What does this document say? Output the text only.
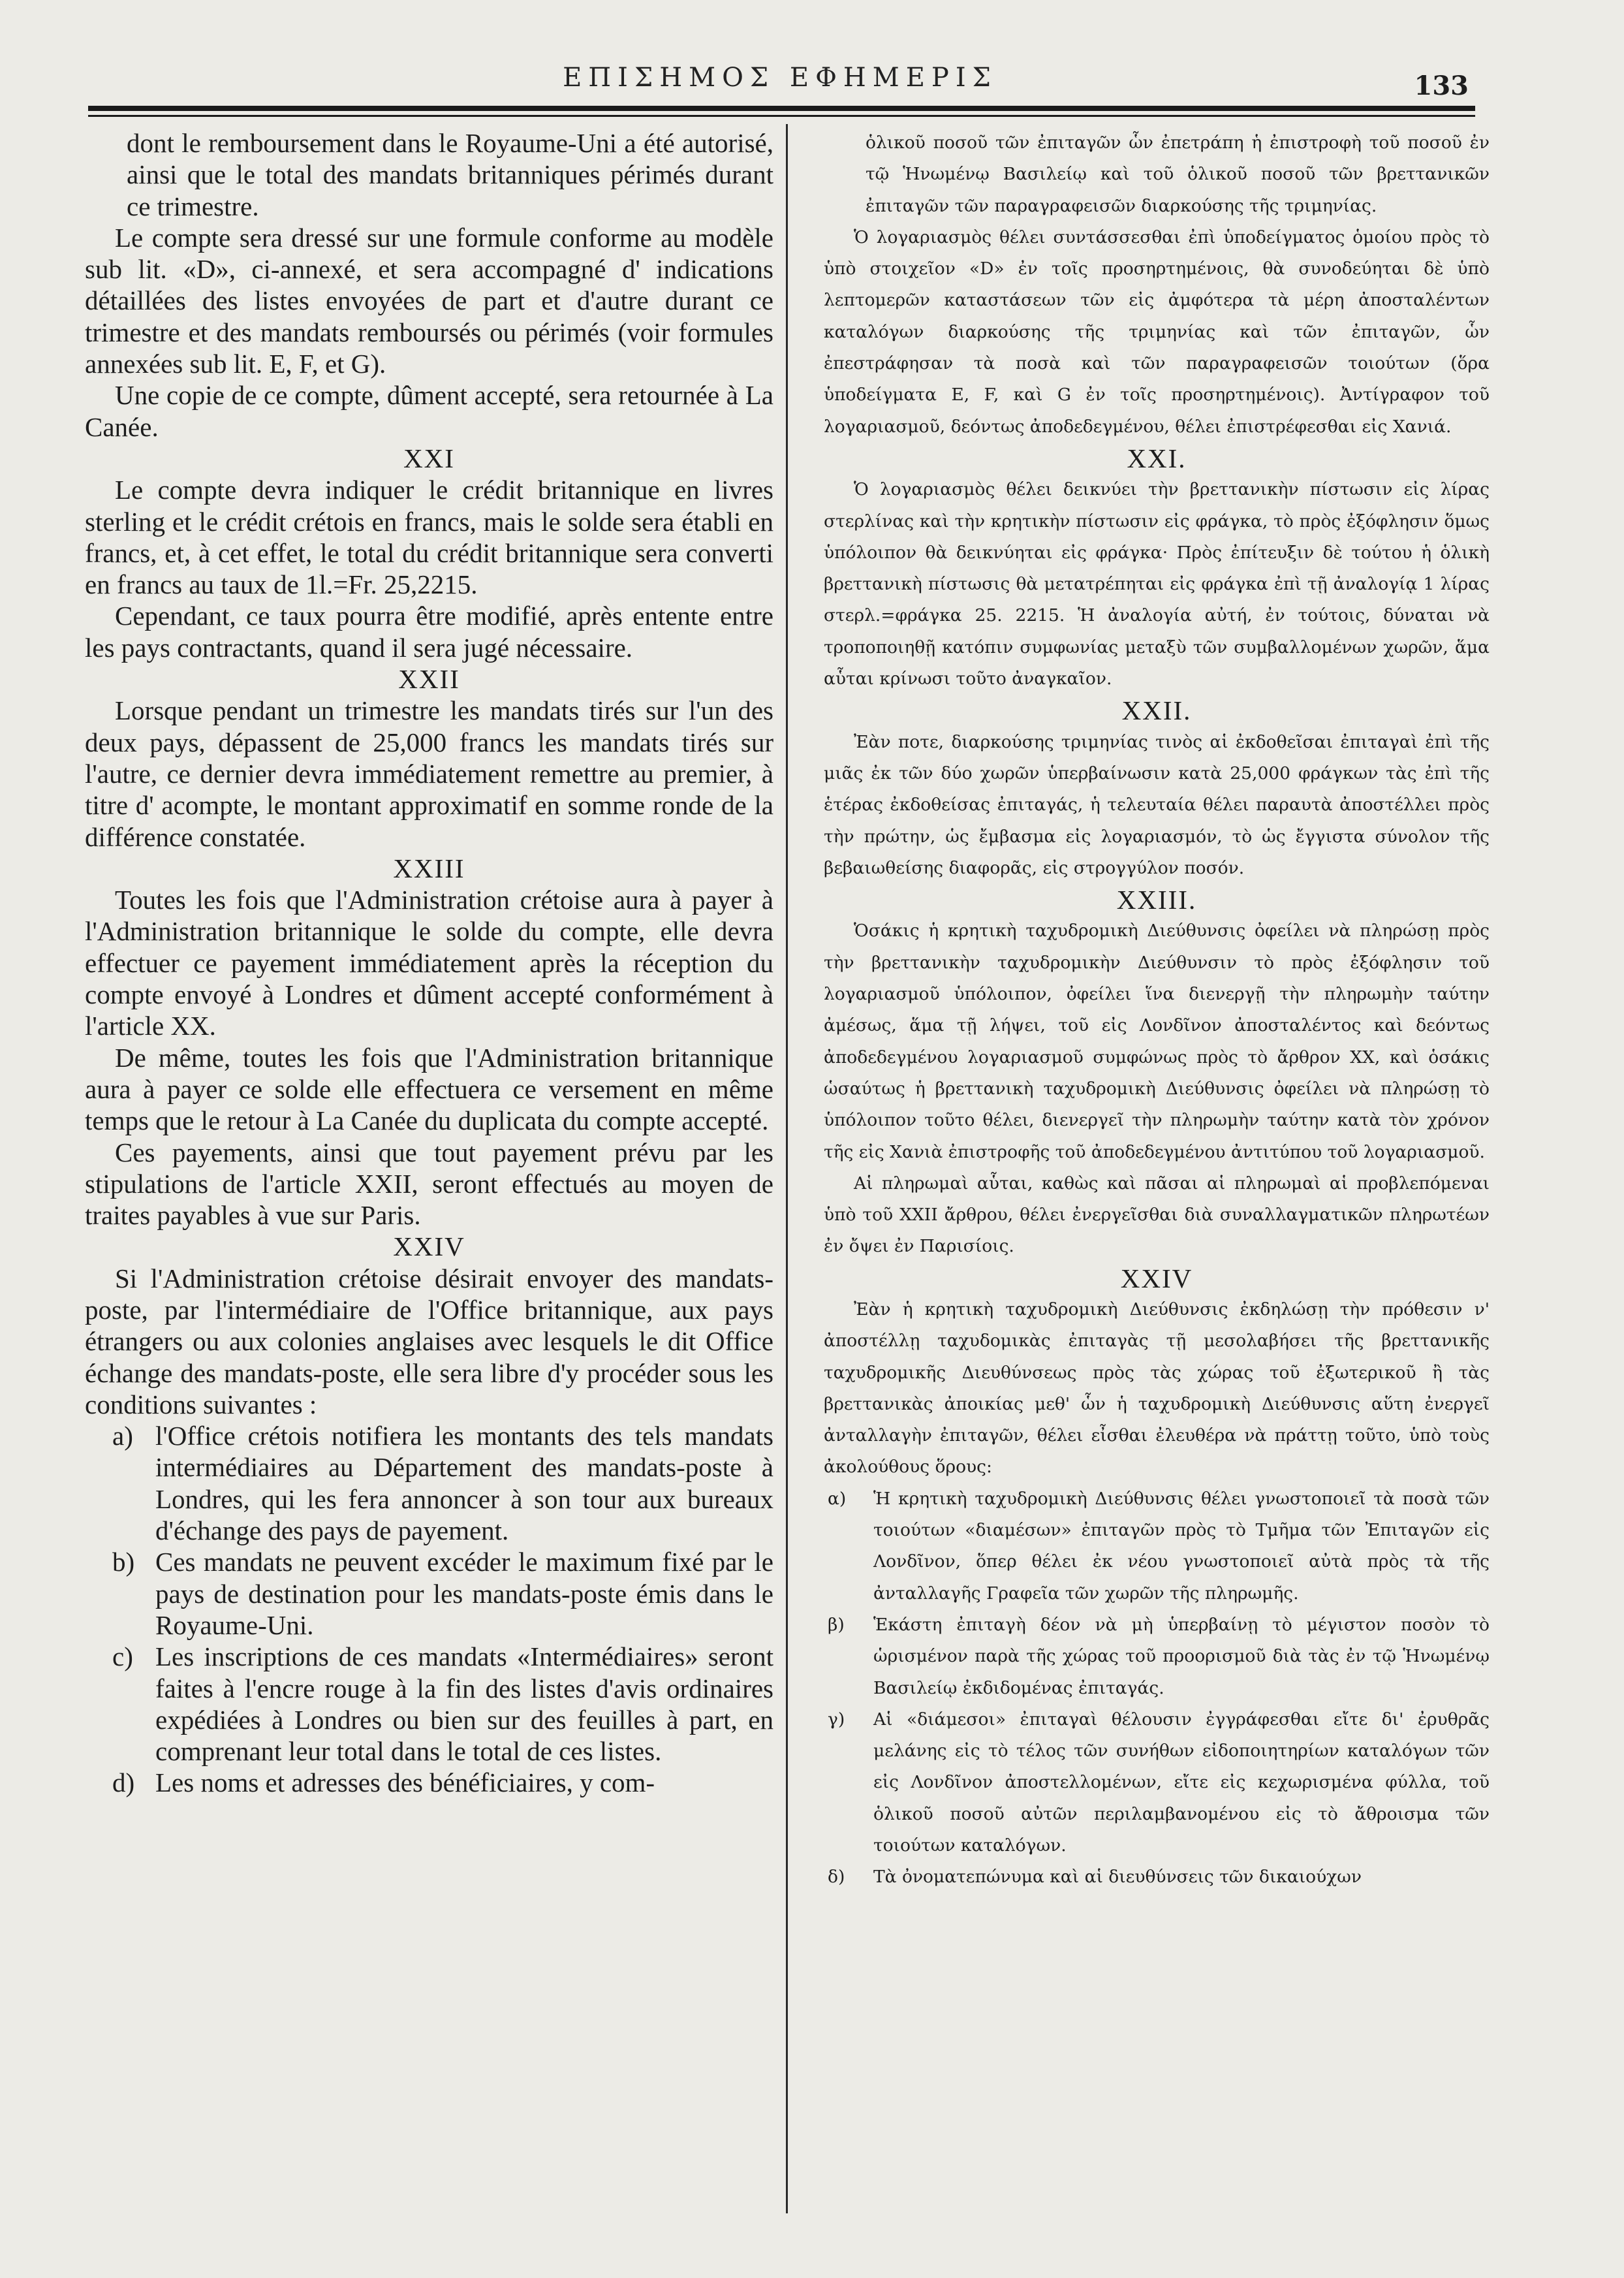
ΕΠΙΣΗΜΟΣ ΕΦΗΜΕΡΙΣ	133

dont le remboursement dans le Royaume-Uni a été autorisé, ainsi que le total des mandats britanniques périmés durant ce trimestre.

Le compte sera dressé sur une formule conforme au modèle sub lit. «D», ci-annexé, et sera accompagné d' indications détaillées des listes envoyées de part et d'autre durant ce trimestre et des mandats remboursés ou périmés (voir formules annexées sub lit. E, F, et G).

Une copie de ce compte, dûment accepté, sera retournée à La Canée.

XXI

Le compte devra indiquer le crédit britannique en livres sterling et le crédit crétois en francs, mais le solde sera établi en francs, et, à cet effet, le total du crédit britannique sera converti en francs au taux de 1l.=Fr. 25,2215.

Cependant, ce taux pourra être modifié, après entente entre les pays contractants, quand il sera jugé nécessaire.

XXII

Lorsque pendant un trimestre les mandats tirés sur l'un des deux pays, dépassent de 25,000 francs les mandats tirés sur l'autre, ce dernier devra immédiatement remettre au premier, à titre d' acompte, le montant approximatif en somme ronde de la différence constatée.

XXIII

Toutes les fois que l'Administration crétoise aura à payer à l'Administration britannique le solde du compte, elle devra effectuer ce payement immédiatement après la réception du compte envoyé à Londres et dûment accepté conformément à l'article XX.

De même, toutes les fois que l'Administration britannique aura à payer ce solde elle effectuera ce versement en même temps que le retour à La Canée du duplicata du compte accepté.

Ces payements, ainsi que tout payement prévu par les stipulations de l'article XXII, seront effectués au moyen de traites payables à vue sur Paris.

XXIV

Si l'Administration crétoise désirait envoyer des mandats-poste, par l'intermédiaire de l'Office britannique, aux pays étrangers ou aux colonies anglaises avec lesquels le dit Office échange des mandats-poste, elle sera libre d'y procéder sous les conditions suivantes :

a) l'Office crétois notifiera les montants des tels mandats intermédiaires au Département des mandats-poste à Londres, qui les fera annoncer à son tour aux bureaux d'échange des pays de payement.
b) Ces mandats ne peuvent excéder le maximum fixé par le pays de destination pour les mandats-poste émis dans le Royaume-Uni.
c) Les inscriptions de ces mandats «Intermédiaires» seront faites à l'encre rouge à la fin des listes d'avis ordinaires expédiées à Londres ou bien sur des feuilles à part, en comprenant leur total dans le total de ces listes.
d) Les noms et adresses des bénéficiaires, y com-

ὁλικοῦ ποσοῦ τῶν ἐπιταγῶν ὧν ἐπετράπη ἡ ἐπιστροφὴ τοῦ ποσοῦ ἐν τῷ Ἡνωμένῳ Βασιλείῳ καὶ τοῦ ὁλικοῦ ποσοῦ τῶν βρεττανικῶν ἐπιταγῶν τῶν παραγραφεισῶν διαρκούσης τῆς τριμηνίας.

Ὁ λογαριασμὸς θέλει συντάσσεσθαι ἐπὶ ὑποδείγματος ὁμοίου πρὸς τὸ ὑπὸ στοιχεῖον «D» ἐν τοῖς προσηρτημένοις, θὰ συνοδεύηται δὲ ὑπὸ λεπτομερῶν καταστάσεων τῶν εἰς ἀμφότερα τὰ μέρη ἀποσταλέντων καταλόγων διαρκούσης τῆς τριμηνίας καὶ τῶν ἐπιταγῶν, ὧν ἐπεστράφησαν τὰ ποσὰ καὶ τῶν παραγραφεισῶν τοιούτων (ὅρα ὑποδείγματα E, F, καὶ G ἐν τοῖς προσηρτημένοις). Ἀντίγραφον τοῦ λογαριασμοῦ, δεόντως ἀποδεδεγμένου, θέλει ἐπιστρέφεσθαι εἰς Χανιά.

XXI.

Ὁ λογαριασμὸς θέλει δεικνύει τὴν βρεττανικὴν πίστωσιν εἰς λίρας στερλίνας καὶ τὴν κρητικὴν πίστωσιν εἰς φράγκα, τὸ πρὸς ἐξόφλησιν ὅμως ὑπόλοιπον θὰ δεικνύηται εἰς φράγκα· Πρὸς ἐπίτευξιν δὲ τούτου ἡ ὁλικὴ βρεττανικὴ πίστωσις θὰ μετατρέπηται εἰς φράγκα ἐπὶ τῇ ἀναλογίᾳ 1 λίρας στερλ.=φράγκα 25. 2215. Ἡ ἀναλογία αὐτή, ἐν τούτοις, δύναται νὰ τροποποιηθῇ κατόπιν συμφωνίας μεταξὺ τῶν συμβαλλομένων χωρῶν, ἅμα αὗται κρίνωσι τοῦτο ἀναγκαῖον.

XXII.

Ἐὰν ποτε, διαρκούσης τριμηνίας τινὸς αἱ ἐκδοθεῖσαι ἐπιταγαὶ ἐπὶ τῆς μιᾶς ἐκ τῶν δύο χωρῶν ὑπερβαίνωσιν κατὰ 25,000 φράγκων τὰς ἐπὶ τῆς ἑτέρας ἐκδοθείσας ἐπιταγάς, ἡ τελευταία θέλει παραυτὰ ἀποστέλλει πρὸς τὴν πρώτην, ὡς ἔμβασμα εἰς λογαριασμόν, τὸ ὡς ἔγγιστα σύνολον τῆς βεβαιωθείσης διαφορᾶς, εἰς στρογγύλον ποσόν.

XXIII.

Ὁσάκις ἡ κρητικὴ ταχυδρομικὴ Διεύθυνσις ὀφείλει νὰ πληρώσῃ πρὸς τὴν βρεττανικὴν ταχυδρομικὴν Διεύθυνσιν τὸ πρὸς ἐξόφλησιν τοῦ λογαριασμοῦ ὑπόλοιπον, ὀφείλει ἵνα διενεργῇ τὴν πληρωμὴν ταύτην ἀμέσως, ἅμα τῇ λήψει, τοῦ εἰς Λονδῖνον ἀποσταλέντος καὶ δεόντως ἀποδεδεγμένου λογαριασμοῦ συμφώνως πρὸς τὸ ἄρθρον XX, καὶ ὁσάκις ὡσαύτως ἡ βρεττανικὴ ταχυδρομικὴ Διεύθυνσις ὀφείλει νὰ πληρώσῃ τὸ ὑπόλοιπον τοῦτο θέλει, διενεργεῖ τὴν πληρωμὴν ταύτην κατὰ τὸν χρόνον τῆς εἰς Χανιὰ ἐπιστροφῆς τοῦ ἀποδεδεγμένου ἀντιτύπου τοῦ λογαριασμοῦ.

Αἱ πληρωμαὶ αὗται, καθὼς καὶ πᾶσαι αἱ πληρωμαὶ αἱ προβλεπόμεναι ὑπὸ τοῦ XXII ἄρθρου, θέλει ἐνεργεῖσθαι διὰ συναλλαγματικῶν πληρωτέων ἐν ὄψει ἐν Παρισίοις.

XXIV

Ἐὰν ἡ κρητικὴ ταχυδρομικὴ Διεύθυνσις ἐκδηλώσῃ τὴν πρόθεσιν ν' ἀποστέλλῃ ταχυδομικὰς ἐπιταγὰς τῇ μεσολαβήσει τῆς βρεττανικῆς ταχυδρομικῆς Διευθύνσεως πρὸς τὰς χώρας τοῦ ἐξωτερικοῦ ἢ τὰς βρεττανικὰς ἀποικίας μεθ' ὧν ἡ ταχυδρομικὴ Διεύθυνσις αὕτη ἐνεργεῖ ἀνταλλαγὴν ἐπιταγῶν, θέλει εἶσθαι ἐλευθέρα νὰ πράττῃ τοῦτο, ὑπὸ τοὺς ἀκολούθους ὅρους:

α)	Ἡ κρητικὴ ταχυδρομικὴ Διεύθυνσις θέλει γνωστοποιεῖ τὰ ποσὰ τῶν τοιούτων «διαμέσων» ἐπιταγῶν πρὸς τὸ Τμῆμα τῶν Ἐπιταγῶν εἰς Λονδῖνον, ὅπερ θέλει ἐκ νέου γνωστοποιεῖ αὐτὰ πρὸς τὰ τῆς ἀνταλλαγῆς Γραφεῖα τῶν χωρῶν τῆς πληρωμῆς.
β)	Ἑκάστη ἐπιταγὴ δέον νὰ μὴ ὑπερβαίνῃ τὸ μέγιστον ποσὸν τὸ ὡρισμένον παρὰ τῆς χώρας τοῦ προορισμοῦ διὰ τὰς ἐν τῷ Ἡνωμένῳ Βασιλείῳ ἐκδιδομένας ἐπιταγάς.
γ)	Αἱ «διάμεσοι» ἐπιταγαὶ θέλουσιν ἐγγράφεσθαι εἴτε δι' ἐρυθρᾶς μελάνης εἰς τὸ τέλος τῶν συνήθων εἰδοποιητηρίων καταλόγων τῶν εἰς Λονδῖνον ἀποστελλομένων, εἴτε εἰς κεχωρισμένα φύλλα, τοῦ ὁλικοῦ ποσοῦ αὐτῶν περιλαμβανομένου εἰς τὸ ἄθροισμα τῶν τοιούτων καταλόγων.
δ)	Τὰ ὀνοματεπώνυμα καὶ αἱ διευθύνσεις τῶν δικαιούχων
